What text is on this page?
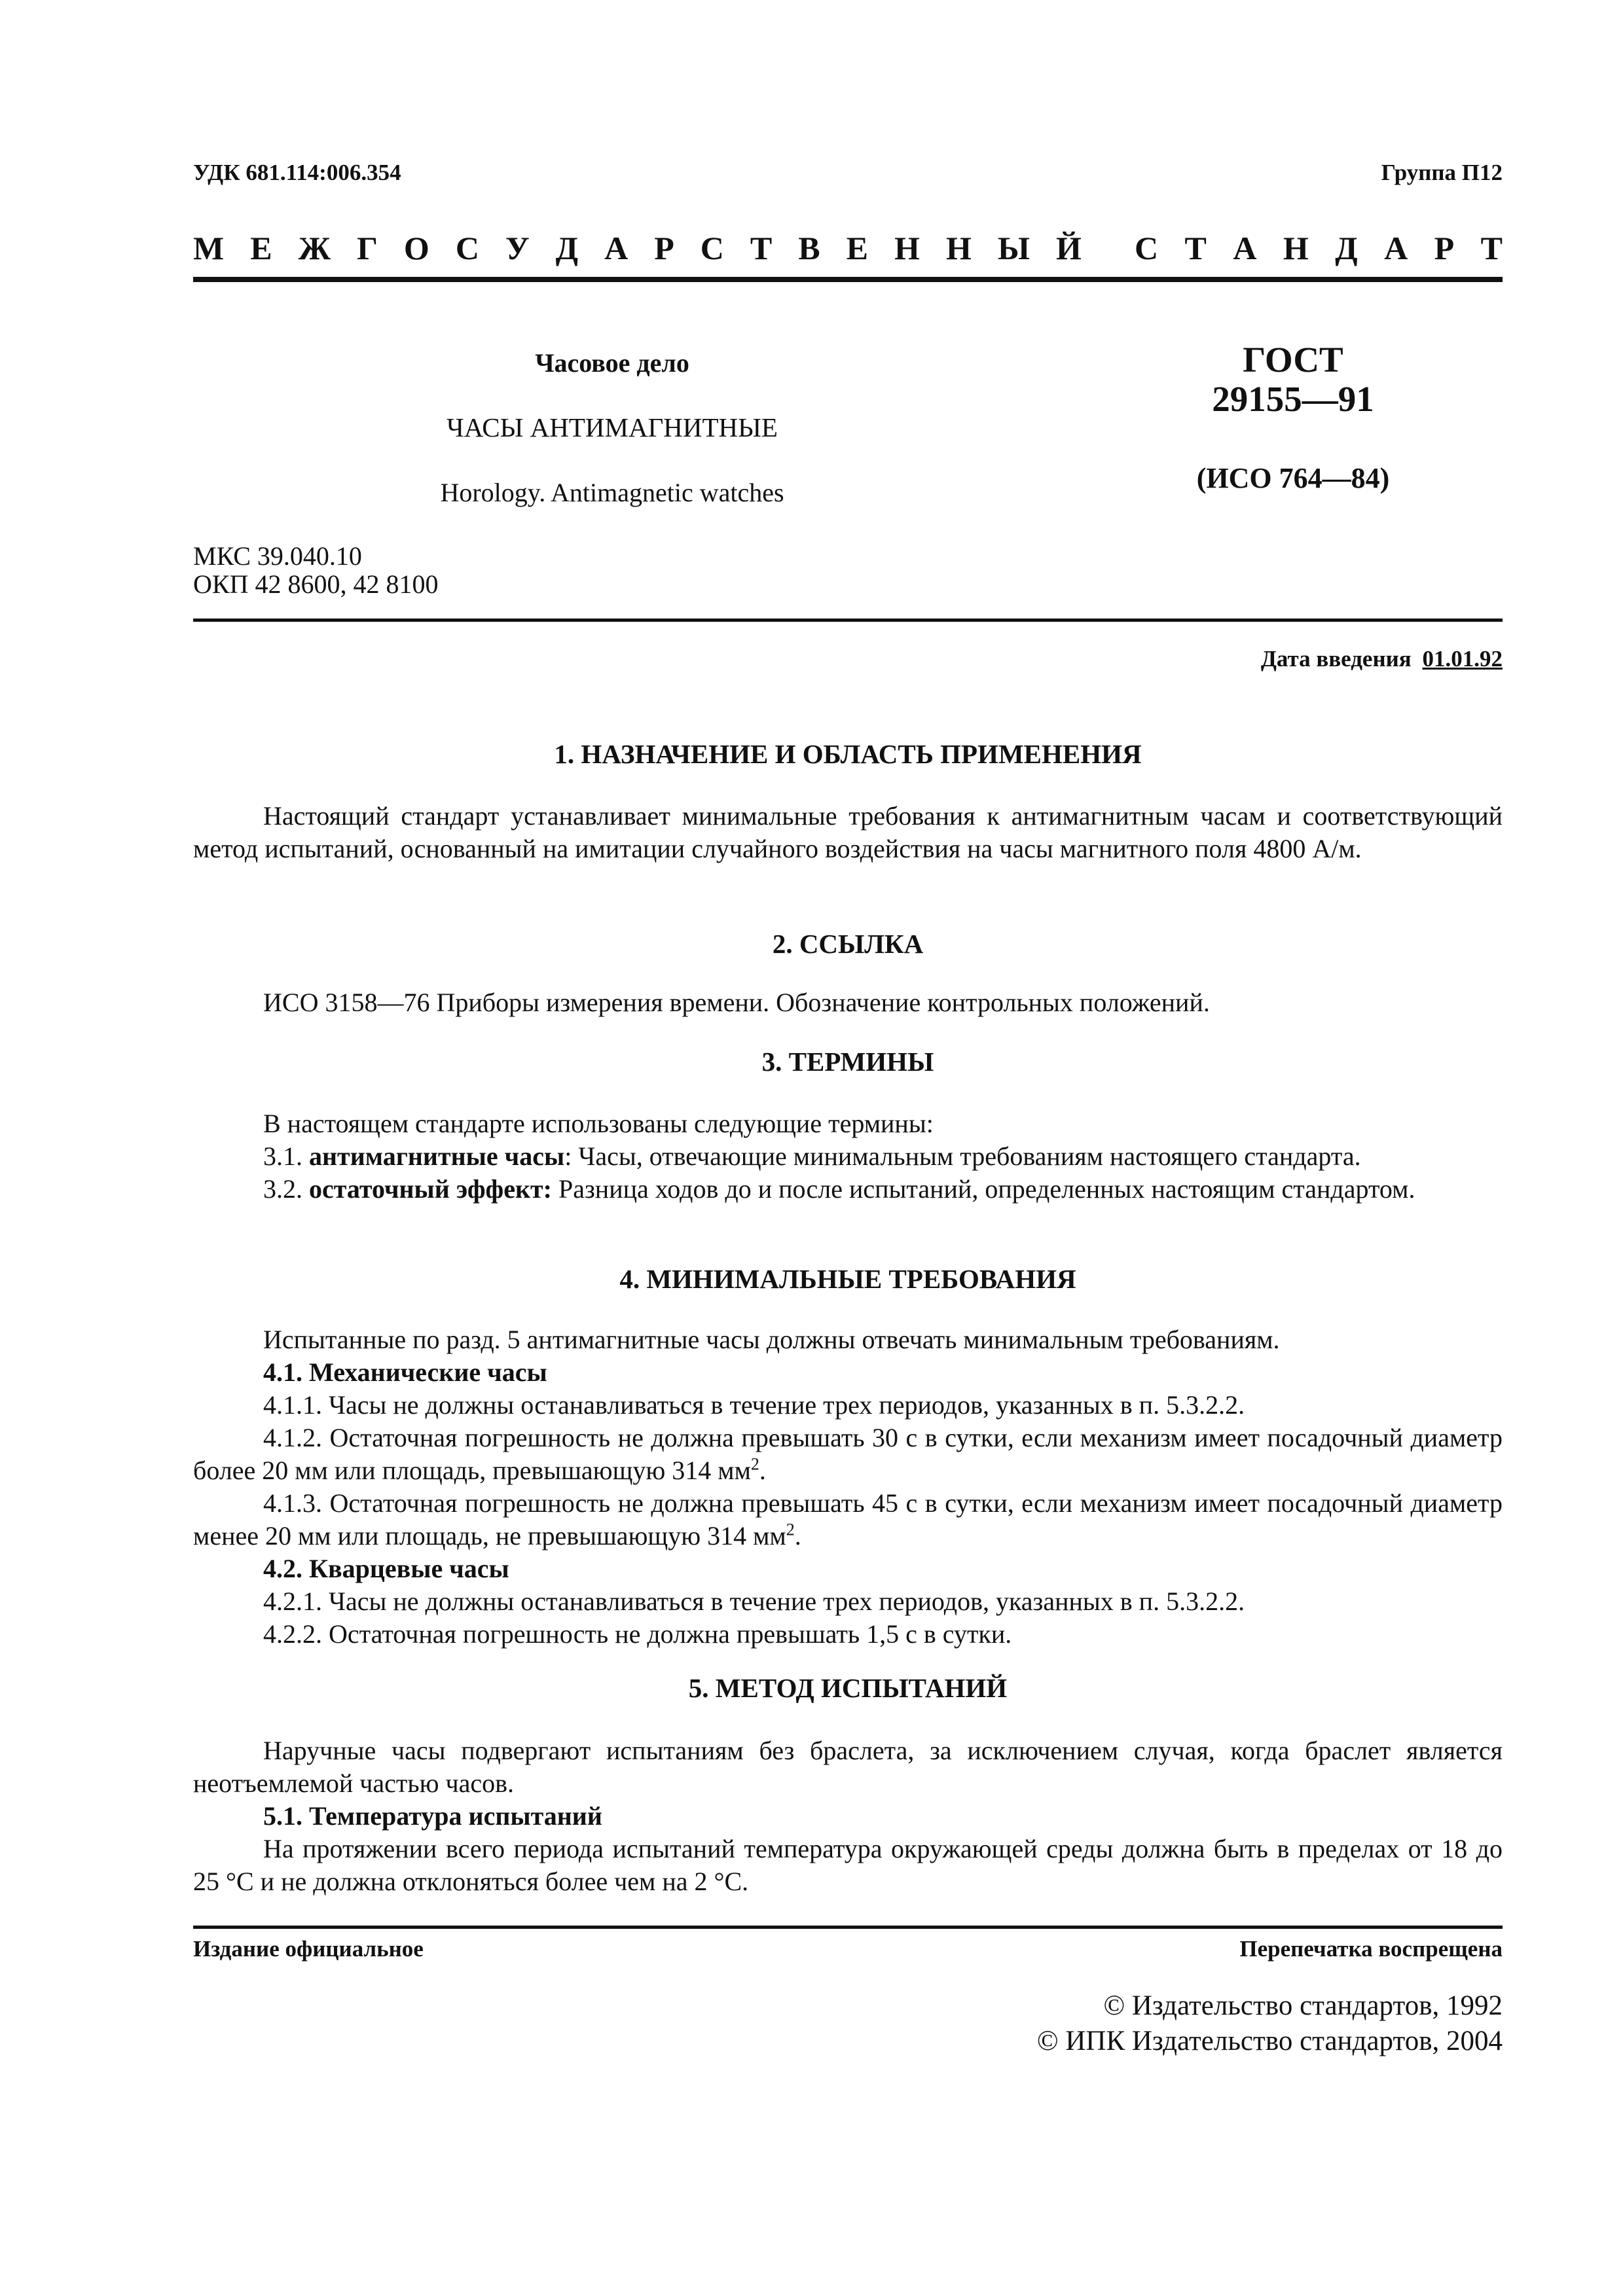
УДК 681.114:006.354	Группа П12
М Е Ж Г О С У Д А Р С Т В Е Н Н Ы Й С Т А Н Д А Р Т
Часовое дело
ЧАСЫ АНТИМАГНИТНЫЕ
Horology. Antimagnetic watches
ГОСТ
29155—91
(ИСО 764—84)
МКС 39.040.10
ОКП 42 8600, 42 8100
Дата введения 01.01.92
1. НАЗНАЧЕНИЕ И ОБЛАСТЬ ПРИМЕНЕНИЯ
Настоящий стандарт устанавливает минимальные требования к антимагнитным часам и соответствующий метод испытаний, основанный на имитации случайного воздействия на часы магнитного поля 4800 А/м.
2. ССЫЛКА
ИСО 3158—76 Приборы измерения времени. Обозначение контрольных положений.
3. ТЕРМИНЫ
В настоящем стандарте использованы следующие термины:
3.1. антимагнитные часы: Часы, отвечающие минимальным требованиям настоящего стандарта.
3.2. остаточный эффект: Разница ходов до и после испытаний, определенных настоящим стандартом.
4. МИНИМАЛЬНЫЕ ТРЕБОВАНИЯ
Испытанные по разд. 5 антимагнитные часы должны отвечать минимальным требованиям.
4.1. Механические часы
4.1.1. Часы не должны останавливаться в течение трех периодов, указанных в п. 5.3.2.2.
4.1.2. Остаточная погрешность не должна превышать 30 с в сутки, если механизм имеет посадочный диаметр более 20 мм или площадь, превышающую 314 $мм^2$.
4.1.3. Остаточная погрешность не должна превышать 45 с в сутки, если механизм имеет посадочный диаметр менее 20 мм или площадь, не превышающую 314 $мм^2$.
4.2. Кварцевые часы
4.2.1. Часы не должны останавливаться в течение трех периодов, указанных в п. 5.3.2.2.
4.2.2. Остаточная погрешность не должна превышать 1,5 с в сутки.
5. МЕТОД ИСПЫТАНИЙ
Наручные часы подвергают испытаниям без браслета, за исключением случая, когда браслет является неотъемлемой частью часов.
5.1. Температура испытаний
На протяжении всего периода испытаний температура окружающей среды должна быть в пределах от 18 до 25 °С и не должна отклоняться более чем на 2 °С.
Издание официальное	Перепечатка воспрещена
© Издательство стандартов, 1992
© ИПК Издательство стандартов, 2004
